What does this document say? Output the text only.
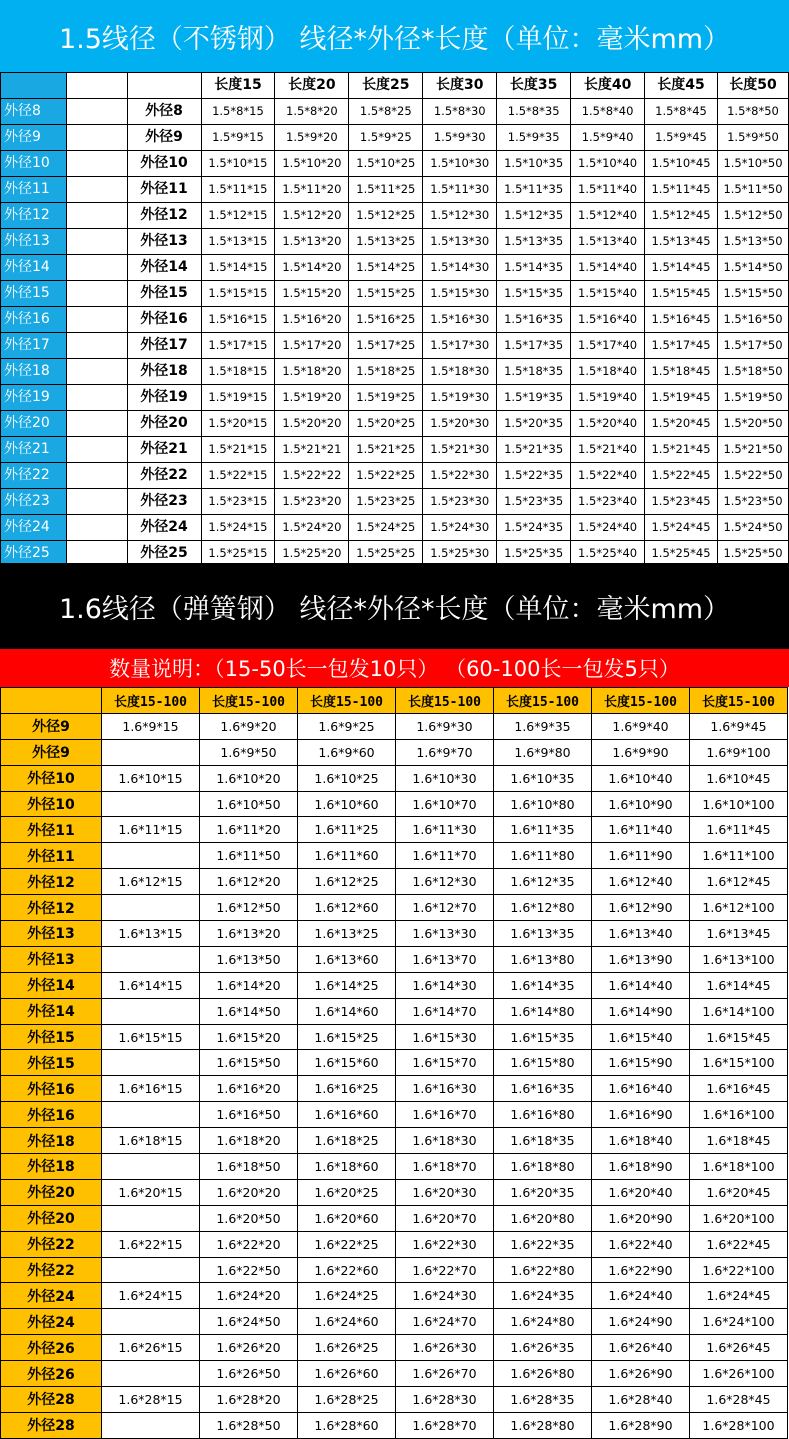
1.5线径（不锈钢） 线径*外径*长度（单位：毫米mm）
			长度15	长度20	长度25	长度30	长度35	长度40	长度45	长度50
外径8		外径8	1.5*8*15	1.5*8*20	1.5*8*25	1.5*8*30	1.5*8*35	1.5*8*40	1.5*8*45	1.5*8*50
外径9		外径9	1.5*9*15	1.5*9*20	1.5*9*25	1.5*9*30	1.5*9*35	1.5*9*40	1.5*9*45	1.5*9*50
外径10		外径10	1.5*10*15	1.5*10*20	1.5*10*25	1.5*10*30	1.5*10*35	1.5*10*40	1.5*10*45	1.5*10*50
外径11		外径11	1.5*11*15	1.5*11*20	1.5*11*25	1.5*11*30	1.5*11*35	1.5*11*40	1.5*11*45	1.5*11*50
外径12		外径12	1.5*12*15	1.5*12*20	1.5*12*25	1.5*12*30	1.5*12*35	1.5*12*40	1.5*12*45	1.5*12*50
外径13		外径13	1.5*13*15	1.5*13*20	1.5*13*25	1.5*13*30	1.5*13*35	1.5*13*40	1.5*13*45	1.5*13*50
外径14		外径14	1.5*14*15	1.5*14*20	1.5*14*25	1.5*14*30	1.5*14*35	1.5*14*40	1.5*14*45	1.5*14*50
外径15		外径15	1.5*15*15	1.5*15*20	1.5*15*25	1.5*15*30	1.5*15*35	1.5*15*40	1.5*15*45	1.5*15*50
外径16		外径16	1.5*16*15	1.5*16*20	1.5*16*25	1.5*16*30	1.5*16*35	1.5*16*40	1.5*16*45	1.5*16*50
外径17		外径17	1.5*17*15	1.5*17*20	1.5*17*25	1.5*17*30	1.5*17*35	1.5*17*40	1.5*17*45	1.5*17*50
外径18		外径18	1.5*18*15	1.5*18*20	1.5*18*25	1.5*18*30	1.5*18*35	1.5*18*40	1.5*18*45	1.5*18*50
外径19		外径19	1.5*19*15	1.5*19*20	1.5*19*25	1.5*19*30	1.5*19*35	1.5*19*40	1.5*19*45	1.5*19*50
外径20		外径20	1.5*20*15	1.5*20*20	1.5*20*25	1.5*20*30	1.5*20*35	1.5*20*40	1.5*20*45	1.5*20*50
外径21		外径21	1.5*21*15	1.5*21*21	1.5*21*25	1.5*21*30	1.5*21*35	1.5*21*40	1.5*21*45	1.5*21*50
外径22		外径22	1.5*22*15	1.5*22*22	1.5*22*25	1.5*22*30	1.5*22*35	1.5*22*40	1.5*22*45	1.5*22*50
外径23		外径23	1.5*23*15	1.5*23*20	1.5*23*25	1.5*23*30	1.5*23*35	1.5*23*40	1.5*23*45	1.5*23*50
外径24		外径24	1.5*24*15	1.5*24*20	1.5*24*25	1.5*24*30	1.5*24*35	1.5*24*40	1.5*24*45	1.5*24*50
外径25		外径25	1.5*25*15	1.5*25*20	1.5*25*25	1.5*25*30	1.5*25*35	1.5*25*40	1.5*25*45	1.5*25*50
1.6线径（弹簧钢） 线径*外径*长度（单位：毫米mm）
数量说明：（15-50长一包发10只） （60-100长一包发5只）
	长度15-100	长度15-100	长度15-100	长度15-100	长度15-100	长度15-100	长度15-100
外径9	1.6*9*15	1.6*9*20	1.6*9*25	1.6*9*30	1.6*9*35	1.6*9*40	1.6*9*45
外径9		1.6*9*50	1.6*9*60	1.6*9*70	1.6*9*80	1.6*9*90	1.6*9*100
外径10	1.6*10*15	1.6*10*20	1.6*10*25	1.6*10*30	1.6*10*35	1.6*10*40	1.6*10*45
外径10		1.6*10*50	1.6*10*60	1.6*10*70	1.6*10*80	1.6*10*90	1.6*10*100
外径11	1.6*11*15	1.6*11*20	1.6*11*25	1.6*11*30	1.6*11*35	1.6*11*40	1.6*11*45
外径11		1.6*11*50	1.6*11*60	1.6*11*70	1.6*11*80	1.6*11*90	1.6*11*100
外径12	1.6*12*15	1.6*12*20	1.6*12*25	1.6*12*30	1.6*12*35	1.6*12*40	1.6*12*45
外径12		1.6*12*50	1.6*12*60	1.6*12*70	1.6*12*80	1.6*12*90	1.6*12*100
外径13	1.6*13*15	1.6*13*20	1.6*13*25	1.6*13*30	1.6*13*35	1.6*13*40	1.6*13*45
外径13		1.6*13*50	1.6*13*60	1.6*13*70	1.6*13*80	1.6*13*90	1.6*13*100
外径14	1.6*14*15	1.6*14*20	1.6*14*25	1.6*14*30	1.6*14*35	1.6*14*40	1.6*14*45
外径14		1.6*14*50	1.6*14*60	1.6*14*70	1.6*14*80	1.6*14*90	1.6*14*100
外径15	1.6*15*15	1.6*15*20	1.6*15*25	1.6*15*30	1.6*15*35	1.6*15*40	1.6*15*45
外径15		1.6*15*50	1.6*15*60	1.6*15*70	1.6*15*80	1.6*15*90	1.6*15*100
外径16	1.6*16*15	1.6*16*20	1.6*16*25	1.6*16*30	1.6*16*35	1.6*16*40	1.6*16*45
外径16		1.6*16*50	1.6*16*60	1.6*16*70	1.6*16*80	1.6*16*90	1.6*16*100
外径18	1.6*18*15	1.6*18*20	1.6*18*25	1.6*18*30	1.6*18*35	1.6*18*40	1.6*18*45
外径18		1.6*18*50	1.6*18*60	1.6*18*70	1.6*18*80	1.6*18*90	1.6*18*100
外径20	1.6*20*15	1.6*20*20	1.6*20*25	1.6*20*30	1.6*20*35	1.6*20*40	1.6*20*45
外径20		1.6*20*50	1.6*20*60	1.6*20*70	1.6*20*80	1.6*20*90	1.6*20*100
外径22	1.6*22*15	1.6*22*20	1.6*22*25	1.6*22*30	1.6*22*35	1.6*22*40	1.6*22*45
外径22		1.6*22*50	1.6*22*60	1.6*22*70	1.6*22*80	1.6*22*90	1.6*22*100
外径24	1.6*24*15	1.6*24*20	1.6*24*25	1.6*24*30	1.6*24*35	1.6*24*40	1.6*24*45
外径24		1.6*24*50	1.6*24*60	1.6*24*70	1.6*24*80	1.6*24*90	1.6*24*100
外径26	1.6*26*15	1.6*26*20	1.6*26*25	1.6*26*30	1.6*26*35	1.6*26*40	1.6*26*45
外径26		1.6*26*50	1.6*26*60	1.6*26*70	1.6*26*80	1.6*26*90	1.6*26*100
外径28	1.6*28*15	1.6*28*20	1.6*28*25	1.6*28*30	1.6*28*35	1.6*28*40	1.6*28*45
外径28		1.6*28*50	1.6*28*60	1.6*28*70	1.6*28*80	1.6*28*90	1.6*28*100
